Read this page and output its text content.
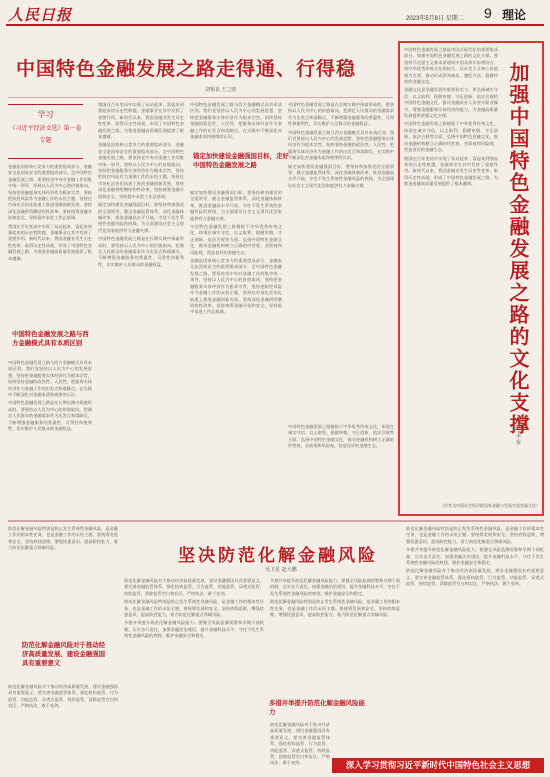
人民日报	2023年5月8日 星期二 9 理论
中国特色金融发展之路走得通、行得稳
刘锡良 王之晗
学习
《习近平经济文选》第一卷
专题

金融是国家核心竞争力的重要组成部分，金融安全是国家安全的重要组成部分。走中国特色金融发展之路，要坚持党中央对金融工作的集中统一领导，坚持以人民为中心的价值取向，坚持把金融服务实体经济作为根本宗旨，坚持把防控风险作为金融工作的永恒主题，坚持在市场化法治化轨道上推进金融创新发展，坚持深化金融供给侧结构性改革，坚持统筹金融开放和安全，坚持稳中求进工作总基调。

我国在百年变局中实现了从站起来、富起来到强起来的历史性跨越，金融事业在其中发挥了重要作用。新时代以来，我国金融业发生历史性变革、取得历史性成就，形成了中国特色金融发展之路，为推进金融高质量发展提供了根本遵循。

中国特色金融发展之路与西方金融模式具有本质区别

中国特色金融发展之路与西方金融模式具有本质区别。我们党坚持以人民为中心的发展思想，坚持把金融服务实体经济作为根本宗旨，始终坚持金融的政治性、人民性，把服务实体经济作为金融工作的出发点和落脚点，在实践中不断深化对金融本质和规律的认识。

中国特色金融发展之路是在长期实践中探索形成的。要坚持以人民为中心的价值取向，把满足人民群众的金融需求作为出发点和落脚点，不断增强金融服务的普惠性、可得性和便利性，切实维护人民群众的金融权益。

我国在百年变局中实现了从站起来、富起来到强起来的历史性跨越，金融事业在其中发挥了重要作用。新时代以来，我国金融业发生历史性变革、取得历史性成就，形成了中国特色金融发展之路，为推进金融高质量发展提供了根本遵循。

金融是国家核心竞争力的重要组成部分，金融安全是国家安全的重要组成部分。走中国特色金融发展之路，要坚持党中央对金融工作的集中统一领导，坚持以人民为中心的价值取向，坚持把金融服务实体经济作为根本宗旨，坚持把防控风险作为金融工作的永恒主题，坚持在市场化法治化轨道上推进金融创新发展，坚持深化金融供给侧结构性改革，坚持统筹金融开放和安全，坚持稳中求进工作总基调。

锚定加快建设金融强国目标，要坚持和加强党的全面领导，健全金融监管体系，深化金融体制改革，推进金融高水平开放，守住不发生系统性金融风险的底线，为全面建设社会主义现代化国家提供有力金融支撑。

中国特色金融发展之路是在长期实践中探索形成的。要坚持以人民为中心的价值取向，把满足人民群众的金融需求作为出发点和落脚点，不断增强金融服务的普惠性、可得性和便利性，切实维护人民群众的金融权益。

中国特色金融发展之路与西方金融模式具有本质区别。我们党坚持以人民为中心的发展思想，坚持把金融服务实体经济作为根本宗旨，始终坚持金融的政治性、人民性，把服务实体经济作为金融工作的出发点和落脚点，在实践中不断深化对金融本质和规律的认识。

锚定加快建设金融强国目标，走好中国特色金融发展之路

锚定加快建设金融强国目标，要坚持和加强党的全面领导，健全金融监管体系，深化金融体制改革，推进金融高水平开放，守住不发生系统性金融风险的底线，为全面建设社会主义现代化国家提供有力金融支撑。

中国特色金融发展之路植根于中华优秀传统文化，体现在诚实守信、以义取利、稳健审慎、守正创新、依法合规等方面。弘扬中国特色金融文化，推动金融机构树立正确的经营观、业绩观和风险观，营造良好的金融生态。

金融是国家核心竞争力的重要组成部分，金融安全是国家安全的重要组成部分。走中国特色金融发展之路，要坚持党中央对金融工作的集中统一领导，坚持以人民为中心的价值取向，坚持把金融服务实体经济作为根本宗旨，坚持把防控风险作为金融工作的永恒主题，坚持在市场化法治化轨道上推进金融创新发展，坚持深化金融供给侧结构性改革，坚持统筹金融开放和安全，坚持稳中求进工作总基调。

中国特色金融发展之路是在长期实践中探索形成的。要坚持以人民为中心的价值取向，把满足人民群众的金融需求作为出发点和落脚点，不断增强金融服务的普惠性、可得性和便利性，切实维护人民群众的金融权益。

中国特色金融发展之路与西方金融模式具有本质区别。我们党坚持以人民为中心的发展思想，坚持把金融服务实体经济作为根本宗旨，始终坚持金融的政治性、人民性，把服务实体经济作为金融工作的出发点和落脚点，在实践中不断深化对金融本质和规律的认识。

锚定加快建设金融强国目标，要坚持和加强党的全面领导，健全金融监管体系，深化金融体制改革，推进金融高水平开放，守住不发生系统性金融风险的底线，为全面建设社会主义现代化国家提供有力金融支撑。

中国特色金融发展之路植根于中华优秀传统文化，体现在诚实守信、以义取利、稳健审慎、守正创新、依法合规等方面。弘扬中国特色金融文化，推动金融机构树立正确的经营观、业绩观和风险观，营造良好的金融生态。

中国特色金融发展之路是中国式现代化的重要组成部分。加强中国特色金融发展之路的文化支撑，要坚持马克思主义基本原理同中国具体实际相结合、同中华优秀传统文化相结合，以社会主义核心价值观为引领，推动形成崇尚诚信、遵纪守法、稳健经营的金融文化。

金融文化是金融发展的重要软实力。要弘扬诚实守信、以义取利、稳健审慎、守正创新、依法合规的中国特色金融文化，推动金融从业人员坚守职业操守，增强金融服务实体经济的能力，为金融高质量发展提供坚强文化支撑。

中国特色金融发展之路植根于中华优秀传统文化，体现在诚实守信、以义取利、稳健审慎、守正创新、依法合规等方面。弘扬中国特色金融文化，推动金融机构树立正确的经营观、业绩观和风险观，营造良好的金融生态。

我国在百年变局中实现了从站起来、富起来到强起来的历史性跨越，金融事业在其中发挥了重要作用。新时代以来，我国金融业发生历史性变革、取得历史性成就，形成了中国特色金融发展之路，为推进金融高质量发展提供了根本遵循。	加强中国特色金融发展之路的文化支撑
本 报
（作者为中国社会科学院国家金融与发展实验室副主任）
坚决防范化解金融风险
吴卫星 赵大鹏

防范化解金融风险特别是防止发生系统性金融风险，是金融工作的根本性任务，也是金融工作的永恒主题。要统筹发展和安全，坚持底线思维，增强忧患意识，提高防控能力，着力防范化解重点领域风险。

防范化解金融风险对于推动经济高质量发展、建设金融强国具有重要意义

防范化解金融风险对于推动经济高质量发展、建设金融强国具有重要意义。要完善金融监管体系，强化机构监管、行为监管、功能监管、穿透式监管、持续监管，消除监管空白和盲区，严格执法、敢于亮剑。

防范化解金融风险对于推动经济高质量发展、建设金融强国具有重要意义。要完善金融监管体系，强化机构监管、行为监管、功能监管、穿透式监管、持续监管，消除监管空白和盲区，严格执法、敢于亮剑。

防范化解金融风险特别是防止发生系统性金融风险，是金融工作的根本性任务，也是金融工作的永恒主题。要统筹发展和安全，坚持底线思维，增强忧患意识，提高防控能力，着力防范化解重点领域风险。

多措并举提升防范化解金融风险能力。要健全风险监测预警和早期干预机制，压实各方责任，加强金融法治建设，提升金融科技水平，守住不发生系统性金融风险的底线，维护金融安全和稳定。

多措并举提升防范化解金融风险能力。要健全风险监测预警和早期干预机制，压实各方责任，加强金融法治建设，提升金融科技水平，守住不发生系统性金融风险的底线，维护金融安全和稳定。

防范化解金融风险特别是防止发生系统性金融风险，是金融工作的根本性任务，也是金融工作的永恒主题。要统筹发展和安全，坚持底线思维，增强忧患意识，提高防控能力，着力防范化解重点领域风险。

多措并举提升防范化解金融风险能力

防范化解金融风险对于推动经济高质量发展、建设金融强国具有重要意义。要完善金融监管体系，强化机构监管、行为监管、功能监管、穿透式监管、持续监管，消除监管空白和盲区，严格执法、敢于亮剑。

防范化解金融风险特别是防止发生系统性金融风险，是金融工作的根本性任务，也是金融工作的永恒主题。要统筹发展和安全，坚持底线思维，增强忧患意识，提高防控能力，着力防范化解重点领域风险。

多措并举提升防范化解金融风险能力。要健全风险监测预警和早期干预机制，压实各方责任，加强金融法治建设，提升金融科技水平，守住不发生系统性金融风险的底线，维护金融安全和稳定。

防范化解金融风险对于推动经济高质量发展、建设金融强国具有重要意义。要完善金融监管体系，强化机构监管、行为监管、功能监管、穿透式监管、持续监管，消除监管空白和盲区，严格执法、敢于亮剑。

深入学习贯彻习近平新时代中国特色社会主义思想
